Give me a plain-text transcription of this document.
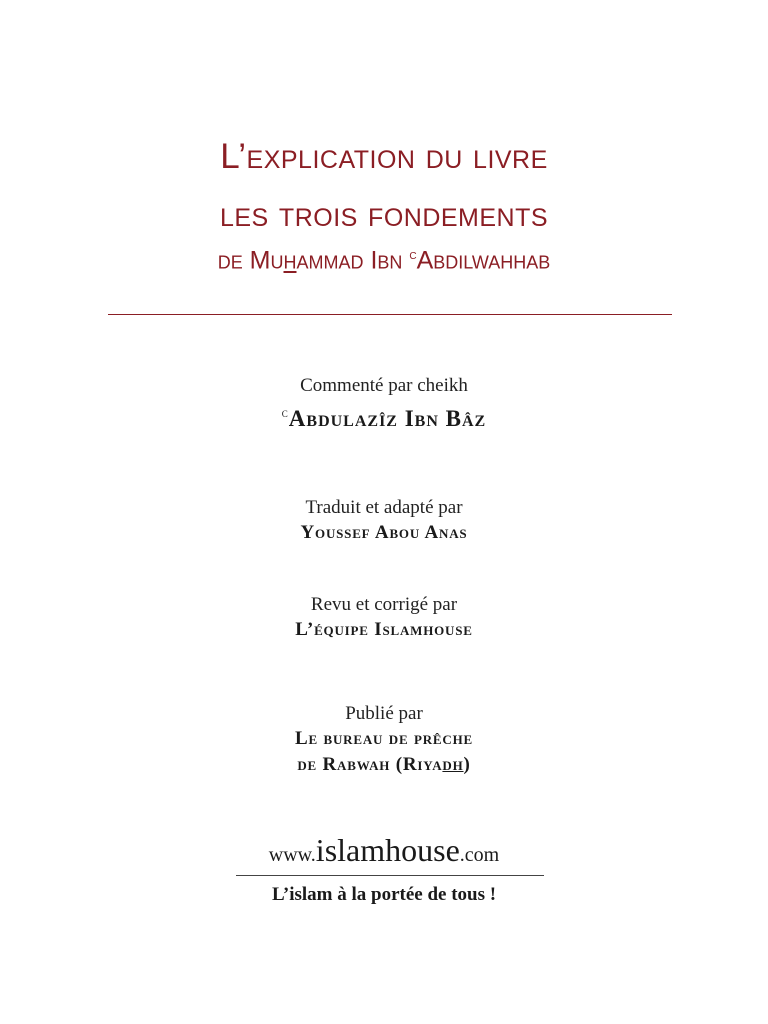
L’explication du livre
les trois fondements
de Muhammad Ibn $^c$Abdilwahhab
Commenté par cheikh
$^c$Abdulazîz Ibn Bâz
Traduit et adapté par
Youssef Abou Anas
Revu et corrigé par
L’équipe Islamhouse
Publié par
Le bureau de prêche
de Rabwah (Riyadh)
www.islamhouse.com
L’islam à la portée de tous !
